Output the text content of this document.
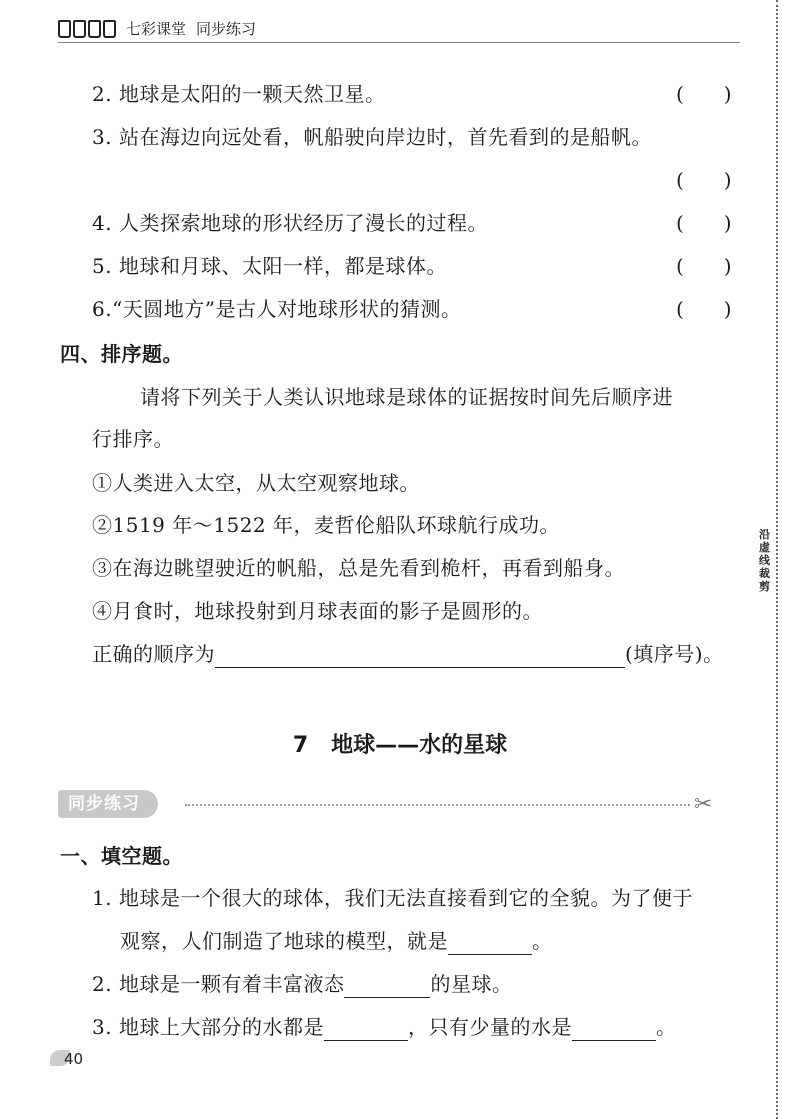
七彩课堂 同步练习
2. 地球是太阳的一颗天然卫星。	(　　)
3. 站在海边向远处看，帆船驶向岸边时，首先看到的是船帆。
(　　)
4. 人类探索地球的形状经历了漫长的过程。	(　　)
5. 地球和月球、太阳一样，都是球体。	(　　)
6.“天圆地方”是古人对地球形状的猜测。	(　　)
四、排序题。
请将下列关于人类认识地球是球体的证据按时间先后顺序进
行排序。
①人类进入太空，从太空观察地球。
②1519 年～1522 年，麦哲伦船队环球航行成功。
③在海边眺望驶近的帆船，总是先看到桅杆，再看到船身。
④月食时，地球投射到月球表面的影子是圆形的。
正确的顺序为	(填序号)。
沿虚线裁剪
7 地球——水的星球
同步练习	✂
一、填空题。
1. 地球是一个很大的球体，我们无法直接看到它的全貌。为了便于
观察，人们制造了地球的模型，就是	。
2. 地球是一颗有着丰富液态	的星球。
3. 地球上大部分的水都是	，只有少量的水是	。
40
